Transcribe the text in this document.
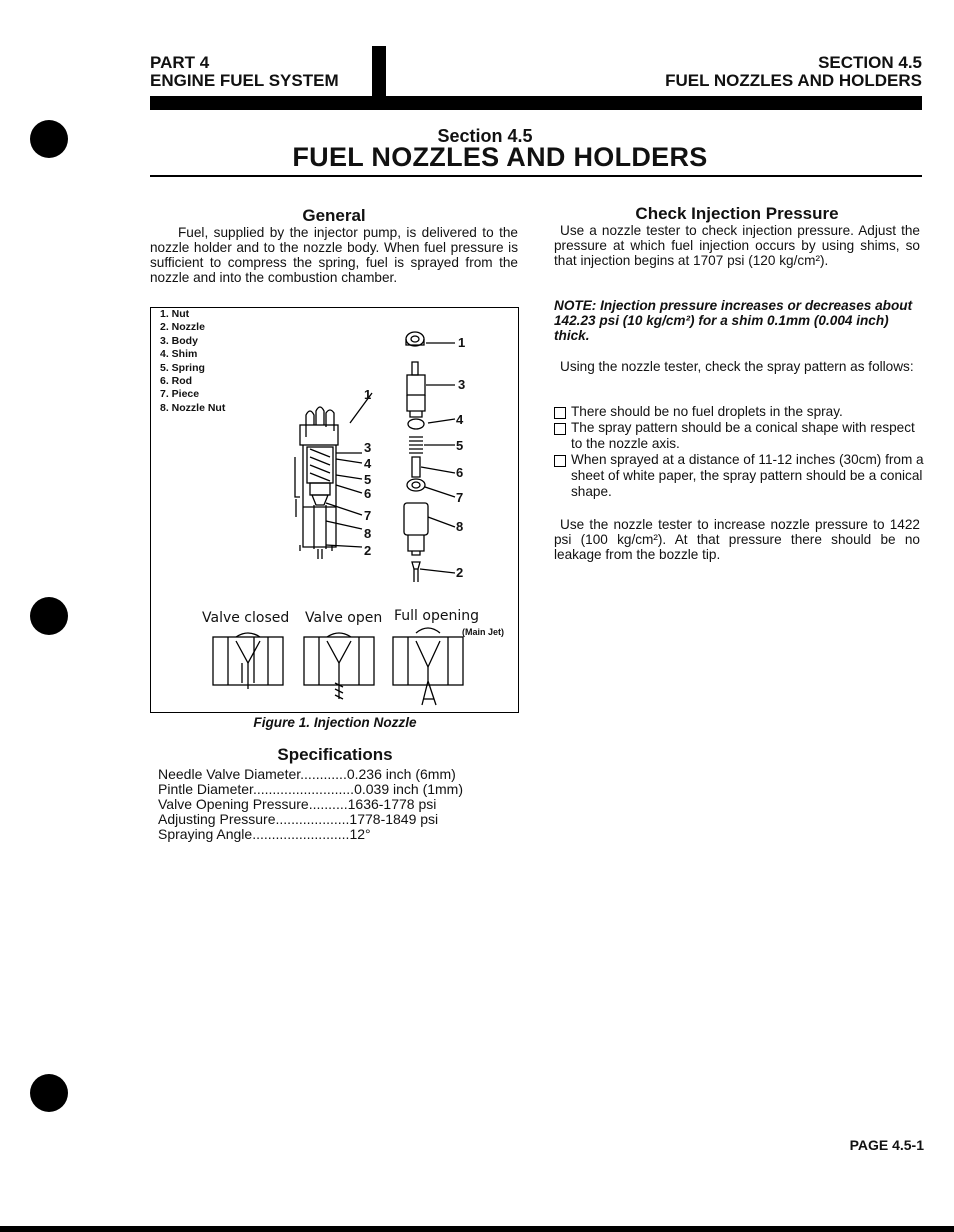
PART 4
ENGINE FUEL SYSTEM
SECTION 4.5
FUEL NOZZLES AND HOLDERS
Section 4.5
FUEL NOZZLES AND HOLDERS
General
Fuel, supplied by the injector pump, is delivered to the nozzle holder and to the nozzle body. When fuel pressure is sufficient to compress the spring, fuel is sprayed from the nozzle and into the combustion chamber.
1. Nut
2. Nozzle
3. Body
4. Shim
5. Spring
6. Rod
7. Piece
8. Nozzle Nut
1
3
4
5
6
7
8
2
1
3
4
5
6
7
8
2
Valve closed Valve open Full opening
(Main Jet)
Figure 1. Injection Nozzle
Specifications
Needle Valve Diameter............0.236 inch (6mm)
Pintle Diameter..........................0.039 inch (1mm)
Valve Opening Pressure..........1636-1778 psi
Adjusting Pressure...................1778-1849 psi
Spraying Angle.........................12°
Check Injection Pressure
Use a nozzle tester to check injection pressure. Adjust the pressure at which fuel injection occurs by using shims, so that injection begins at 1707 psi (120 kg/cm²).
NOTE: Injection pressure increases or decreases about 142.23 psi (10 kg/cm²) for a shim 0.1mm (0.004 inch) thick.
Using the nozzle tester, check the spray pattern as follows:
There should be no fuel droplets in the spray.
The spray pattern should be a conical shape with respect to the nozzle axis.
When sprayed at a distance of 11-12 inches (30cm) from a sheet of white paper, the spray pattern should be a conical shape.
Use the nozzle tester to increase nozzle pressure to 1422 psi (100 kg/cm²). At that pressure there should be no leakage from the bozzle tip.
PAGE 4.5-1
